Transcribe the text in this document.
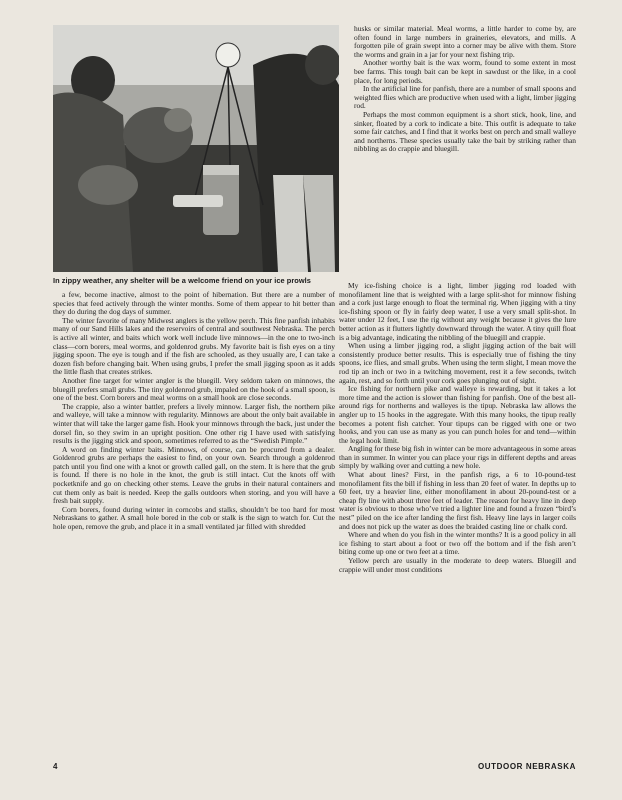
In zippy weather, any shelter will be a welcome friend on your ice prowls

a few, become inactive, almost to the point of hibernation. But there are a number of species that feed actively through the winter months. Some of them appear to hit better than they do during the dog days of summer.

The winter favorite of many Midwest anglers is the yellow perch. This fine panfish inhabits many of our Sand Hills lakes and the reservoirs of central and southwest Nebraska. The perch is active all winter, and baits which work well include live minnows—in the one to two-inch class—corn borers, meal worms, and goldenrod grubs. My favorite bait is fish eyes on a tiny jigging spoon. The eye is tough and if the fish are schooled, as they usually are, I can take a dozen fish before changing bait. When using grubs, I prefer the small jigging spoon as it adds the little flash that creates strikes.

Another fine target for winter angler is the bluegill. Very seldom taken on minnows, the bluegill prefers small grubs. The tiny goldenrod grub, impaled on the hook of a small spoon, is one of the best. Corn borers and meal worms on a small hook are close seconds.

The crappie, also a winter battler, prefers a lively minnow. Larger fish, the northern pike and walleye, will take a minnow with regularity. Minnows are about the only bait available in winter that will take the larger game fish. Hook your minnows through the back, just under the dorsel fin, so they swim in an upright position. One other rig I have used with satisfying results is the jigging stick and spoon, sometimes referred to as the “Swedish Pimple.”

A word on finding winter baits. Minnows, of course, can be procured from a dealer. Goldenrod grubs are perhaps the easiest to find, on your own. Search through a goldenrod patch until you find one with a knot or growth called gall, on the stem. It is here that the grub is found. If there is no hole in the knot, the grub is still intact. Cut the knots off with pocketknife and go on checking other stems. Leave the grubs in their natural containers and cut them only as bait is needed. Keep the galls outdoors when storing, and you will have a fresh bait supply.

Corn borers, found during winter in corncobs and stalks, shouldn’t be too hard for most Nebraskans to gather. A small hole bored in the cob or stalk is the sign to watch for. Cut the hole open, remove the grub, and place it in a small ventilated jar filled with shredded

husks or similar material. Meal worms, a little harder to come by, are often found in large numbers in graineries, elevators, and mills. A forgotten pile of grain swept into a corner may be alive with them. Store the worms and grain in a jar for your next fishing trip.

Another worthy bait is the wax worm, found to some extent in most bee farms. This tough bait can be kept in sawdust or the like, in a cool place, for long periods.

In the artificial line for panfish, there are a number of small spoons and weighted flies which are productive when used with a light, limber jigging rod.

Perhaps the most common equipment is a short stick, hook, line, and sinker, floated by a cork to indicate a bite. This outfit is adequate to take some fair catches, and I find that it works best on perch and small walleye and northerns. These species usually take the bait by striking rather than nibbling as do crappie and bluegill.

My ice-fishing choice is a light, limber jigging rod loaded with monofilament line that is weighted with a large split-shot for minnow fishing and a cork just large enough to float the terminal rig. When jigging with a tiny ice-fishing spoon or fly in fairly deep water, I use a very small split-shot. In water under 12 feet, I use the rig without any weight because it gives the lure better action as it flutters lightly downward through the water. A tiny quill float is a big advantage, indicating the nibbling of the bluegill and crappie.

When using a limber jigging rod, a slight jigging action of the bait will consistently produce better results. This is especially true of fishing the tiny spoons, ice flies, and small grubs. When using the term slight, I mean move the rod tip an inch or two in a twitching movement, rest it a few seconds, twitch again, rest, and so forth until your cork goes plunging out of sight.

Ice fishing for northern pike and walleye is rewarding, but it takes a lot more time and the action is slower than fishing for panfish. One of the best all-around rigs for northerns and walleyes is the tipup. Nebraska law allows the angler up to 15 hooks in the aggregate. With this many hooks, the tipup really becomes a potent fish catcher. Your tipups can be rigged with one or two hooks, and you can use as many as you can punch holes for and tend—within the legal hook limit.

Angling for these big fish in winter can be more advantageous in some areas than in summer. In winter you can place your rigs in different depths and areas simply by walking over and cutting a new hole.

What about lines? First, in the panfish rigs, a 6 to 10-pound-test monofilament fits the bill if fishing in less than 20 feet of water. In depths up to 60 feet, try a heavier line, either monofilament in about 20-pound-test or a cheap fly line with about three feet of leader. The reason for heavy line in deep water is obvious to those who’ve tried a lighter line and found a frozen “bird’s nest” piled on the ice after landing the first fish. Heavy line lays in larger coils and does not pick up the water as does the braided casting line or chalk cord.

Where and when do you fish in the winter months? It is a good policy in all ice fishing to start about a foot or two off the bottom and if the fish aren’t biting come up one or two feet at a time.

Yellow perch are usually in the moderate to deep waters. Bluegill and crappie will under most conditions

4	OUTDOOR NEBRASKA
